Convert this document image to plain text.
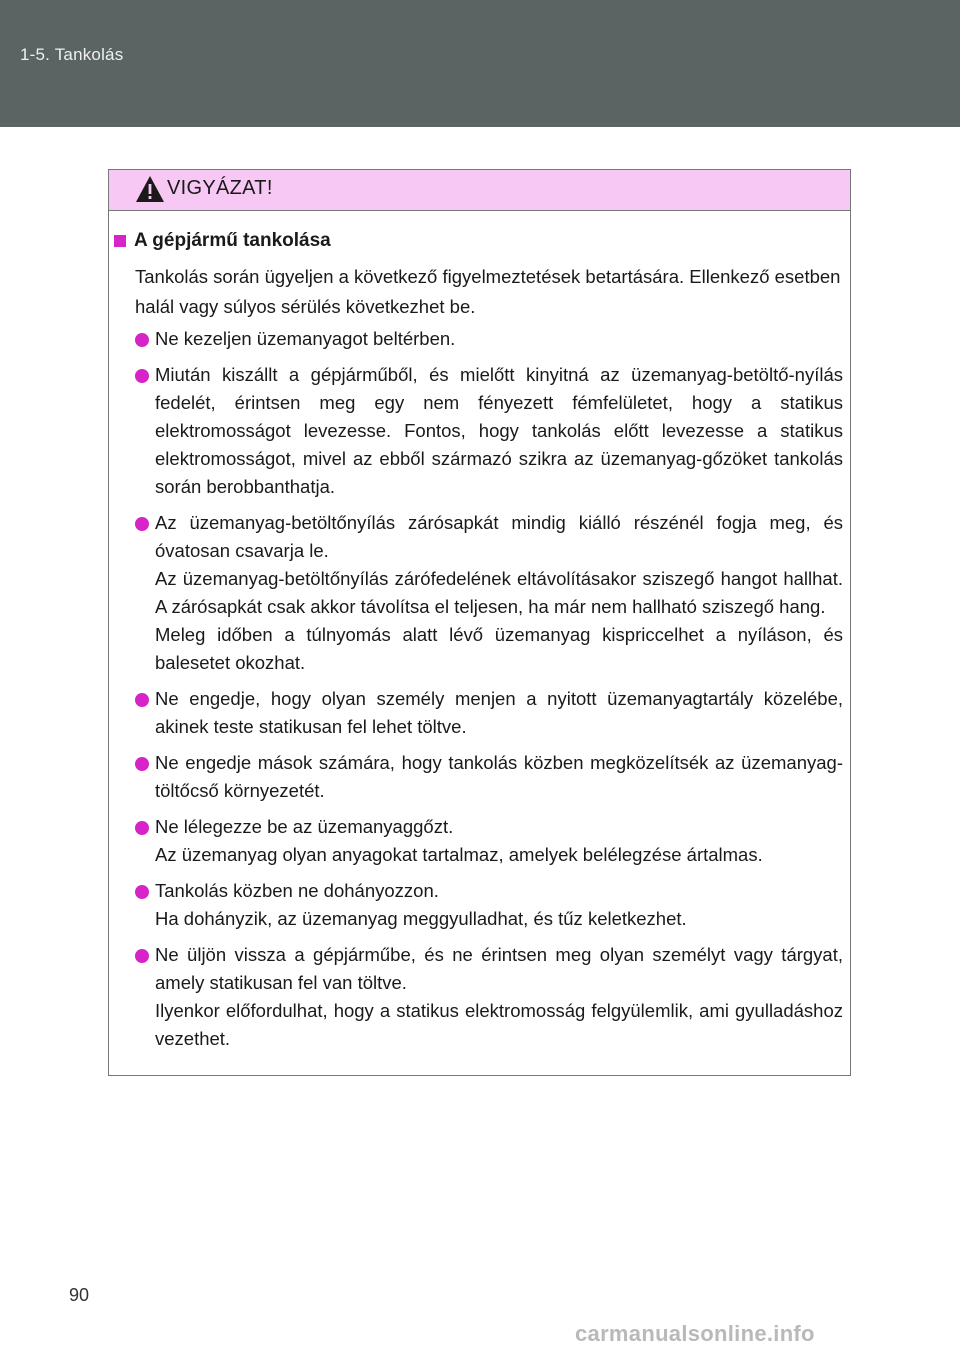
1-5. Tankolás
VIGYÁZAT!
A gépjármű tankolása
Tankolás során ügyeljen a következő figyelmeztetések betartására. Ellenkező esetben halál vagy súlyos sérülés következhet be.

Ne kezeljen üzemanyagot beltérben.

Miután kiszállt a gépjárműből, és mielőtt kinyitná az üzemanyag-betöltő-nyílás fedelét, érintsen meg egy nem fényezett fémfelületet, hogy a statikus elektromosságot levezesse. Fontos, hogy tankolás előtt levezesse a statikus elektromosságot, mivel az ebből származó szikra az üzemanyag-gőzöket tankolás során berobbanthatja.

Az üzemanyag-betöltőnyílás zárósapkát mindig kiálló részénél fogja meg, és óvatosan csavarja le.

Az üzemanyag-betöltőnyílás zárófedelének eltávolításakor sziszegő hangot hallhat. A zárósapkát csak akkor távolítsa el teljesen, ha már nem hallható sziszegő hang.

Meleg időben a túlnyomás alatt lévő üzemanyag kispriccelhet a nyíláson, és balesetet okozhat.

Ne engedje, hogy olyan személy menjen a nyitott üzemanyagtartály közelébe, akinek teste statikusan fel lehet töltve.

Ne engedje mások számára, hogy tankolás közben megközelítsék az üzemanyag-töltőcső környezetét.

Ne lélegezze be az üzemanyaggőzt.

Az üzemanyag olyan anyagokat tartalmaz, amelyek belélegzése ártalmas.

Tankolás közben ne dohányozzon.

Ha dohányzik, az üzemanyag meggyulladhat, és tűz keletkezhet.

Ne üljön vissza a gépjárműbe, és ne érintsen meg olyan személyt vagy tárgyat, amely statikusan fel van töltve.

Ilyenkor előfordulhat, hogy a statikus elektromosság felgyülemlik, ami gyulladáshoz vezethet.

90
carmanualsonline.info
